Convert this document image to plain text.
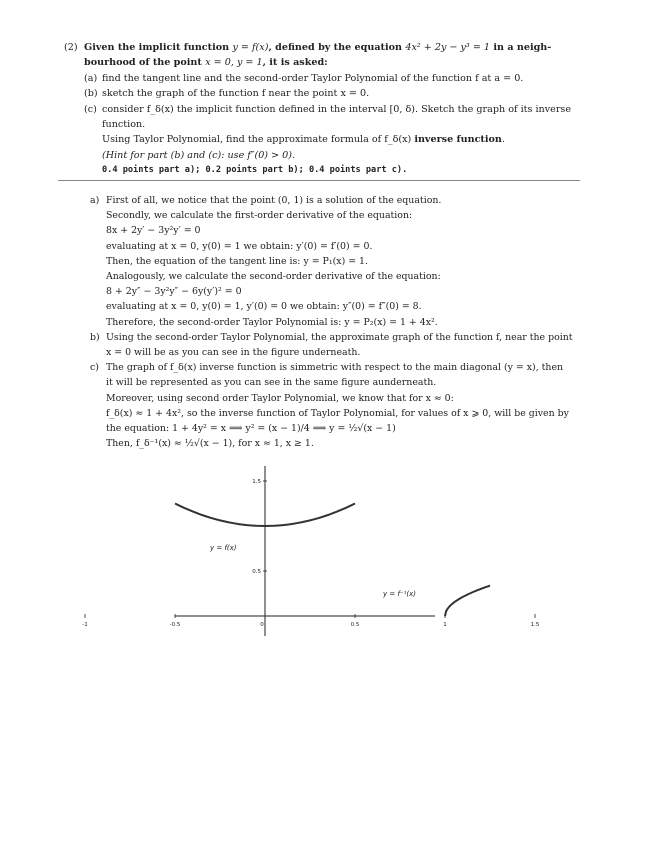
(2) Given the implicit function y = f(x), defined by the equation 4x² + 2y − y³ = 1 in a neigh-
bourhood of the point x = 0, y = 1, it is asked:
(a) find the tangent line and the second-order Taylor Polynomial of the function f at a = 0.
(b) sketch the graph of the function f near the point x = 0.
(c) consider f_δ(x) the implicit function defined in the interval [0, δ). Sketch the graph of its inverse
function.
Using Taylor Polynomial, find the approximate formula of f_δ(x) inverse function.
(Hint for part (b) and (c): use f″(0) > 0).
0.4 points part a); 0.2 points part b); 0.4 points part c).
a) First of all, we notice that the point (0, 1) is a solution of the equation.
Secondly, we calculate the first-order derivative of the equation:
8x + 2y′ − 3y²y′ = 0
evaluating at x = 0, y(0) = 1 we obtain: y′(0) = f′(0) = 0.
Then, the equation of the tangent line is: y = P₁(x) = 1.
Analogously, we calculate the second-order derivative of the equation:
8 + 2y″ − 3y²y″ − 6y(y′)² = 0
evaluating at x = 0, y(0) = 1, y′(0) = 0 we obtain: y″(0) = f″(0) = 8.
Therefore, the second-order Taylor Polynomial is: y = P₂(x) = 1 + 4x².
b) Using the second-order Taylor Polynomial, the approximate graph of the function f, near the point
x = 0 will be as you can see in the figure underneath.
c) The graph of f_δ(x) inverse function is simmetric with respect to the main diagonal (y = x), then
it will be represented as you can see in the same figure aunderneath.
Moreover, using second order Taylor Polynomial, we know that for x ≈ 0:
f_δ(x) ≈ 1 + 4x², so the inverse function of Taylor Polynomial, for values of x ⩾ 0, will be given by
the equation: 1 + 4y² = x ⟹ y² = (x − 1)/4 ⟹ y = ½√(x − 1)
Then, f_δ⁻¹(x) ≈ ½√(x − 1), for x ≈ 1, x ≥ 1.
-1	-0.5	0	0.5	1	1.5
0.5
1.5
y = f(x)
y = f⁻¹(x)
